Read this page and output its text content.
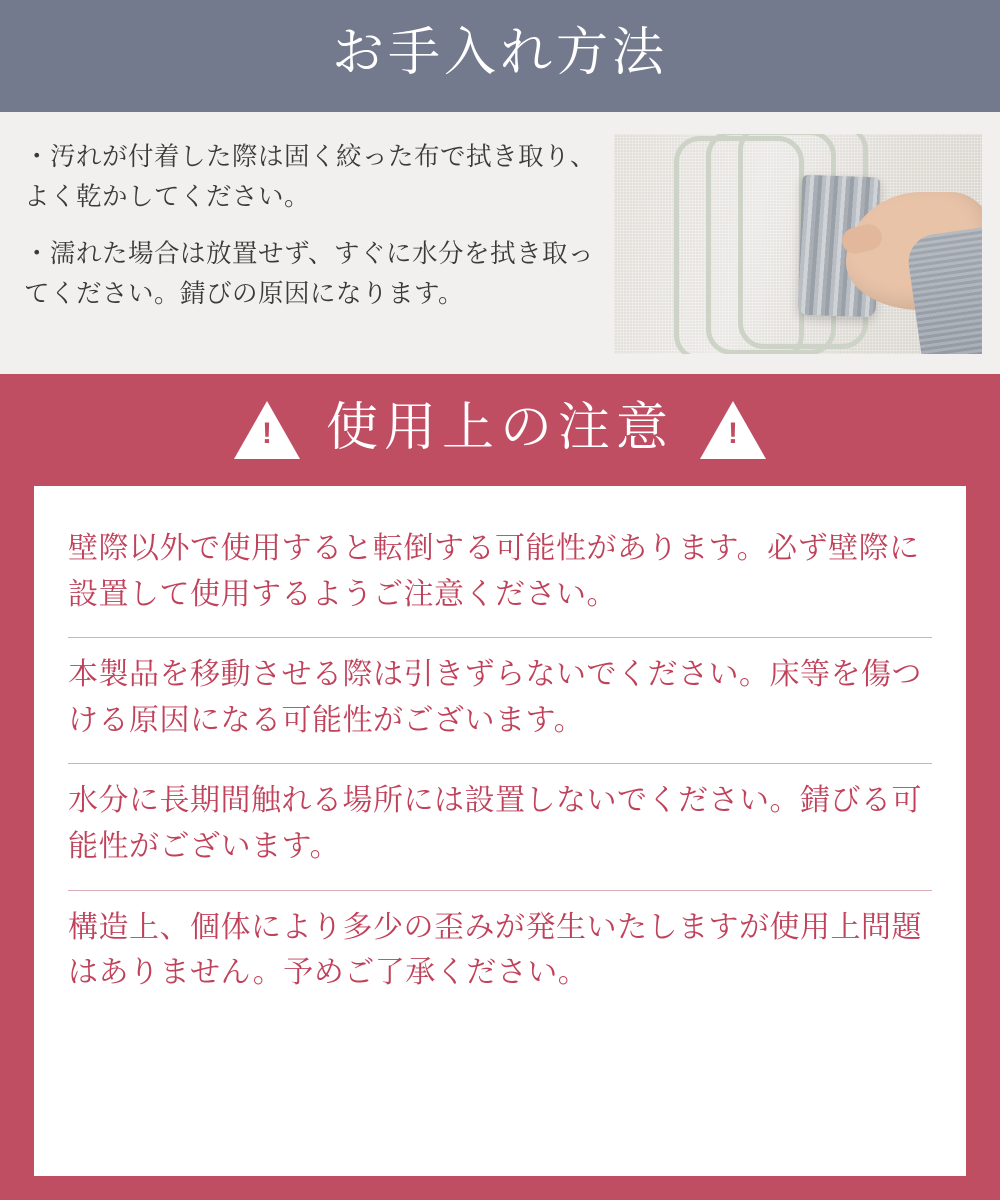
お手入れ方法
・汚れが付着した際は固く絞った布で拭き取り、よく乾かしてください。
・濡れた場合は放置せず、すぐに水分を拭き取ってください。錆びの原因になります。
! 使用上の注意 !
壁際以外で使用すると転倒する可能性があります。必ず壁際に設置して使用するようご注意ください。
本製品を移動させる際は引きずらないでください。床等を傷つける原因になる可能性がございます。
水分に長期間触れる場所には設置しないでください。錆びる可能性がございます。
構造上、個体により多少の歪みが発生いたしますが使用上問題はありません。予めご了承ください。
